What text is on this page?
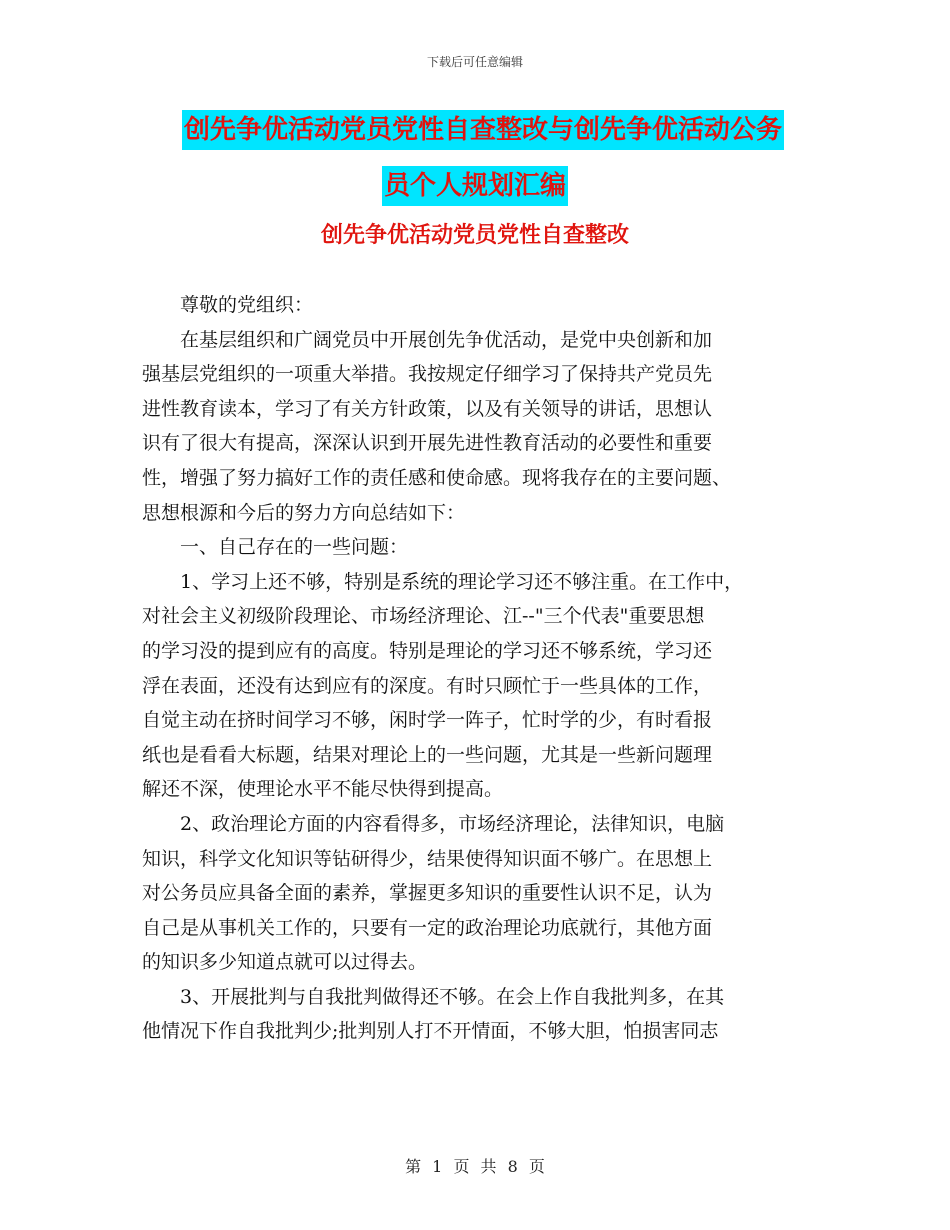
下载后可任意编辑
创先争优活动党员党性自查整改与创先争优活动公务
员个人规划汇编
创先争优活动党员党性自查整改

　　尊敬的党组织：

　　在基层组织和广阔党员中开展创先争优活动，是党中央创新和加

强基层党组织的一项重大举措。我按规定仔细学习了保持共产党员先

进性教育读本，学习了有关方针政策，以及有关领导的讲话，思想认

识有了很大有提高，深深认识到开展先进性教育活动的必要性和重要

性，增强了努力搞好工作的责任感和使命感。现将我存在的主要问题、

思想根源和今后的努力方向总结如下：

　　一、自己存在的一些问题：

　　1、学习上还不够，特别是系统的理论学习还不够注重。在工作中，

对社会主义初级阶段理论、市场经济理论、江--"三个代表"重要思想

的学习没的提到应有的高度。特别是理论的学习还不够系统，学习还

浮在表面，还没有达到应有的深度。有时只顾忙于一些具体的工作，

自觉主动在挤时间学习不够，闲时学一阵子，忙时学的少，有时看报

纸也是看看大标题，结果对理论上的一些问题，尤其是一些新问题理

解还不深，使理论水平不能尽快得到提高。

　　2、政治理论方面的内容看得多，市场经济理论，法律知识，电脑

知识，科学文化知识等钻研得少，结果使得知识面不够广。在思想上

对公务员应具备全面的素养，掌握更多知识的重要性认识不足，认为

自己是从事机关工作的，只要有一定的政治理论功底就行，其他方面

的知识多少知道点就可以过得去。

　　3、开展批判与自我批判做得还不够。在会上作自我批判多，在其

他情况下作自我批判少;批判别人打不开情面，不够大胆，怕损害同志

第 1 页 共 8 页
